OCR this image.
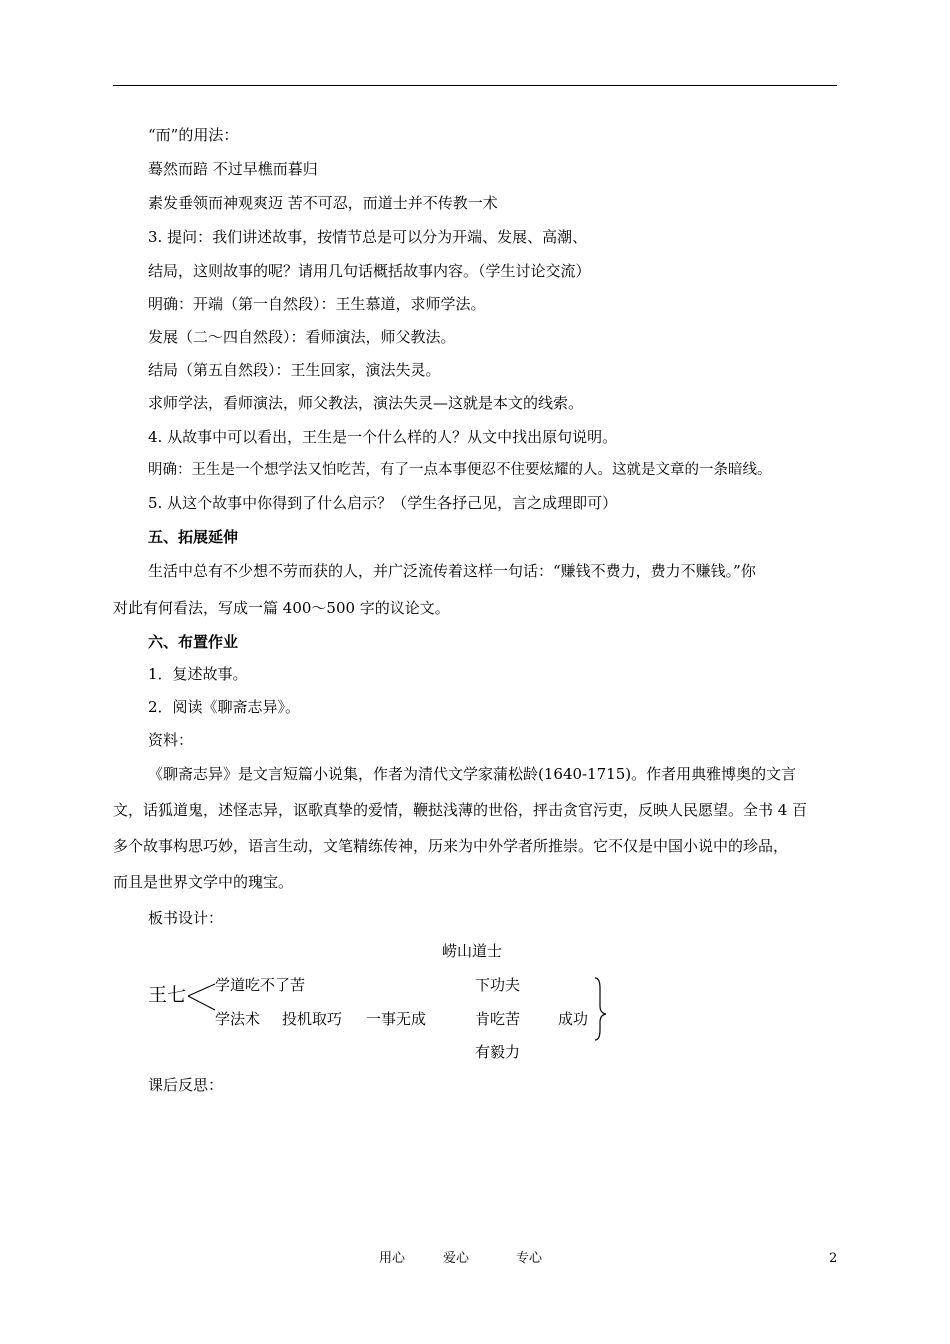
“而”的用法：
蓦然而踣 不过早樵而暮归
素发垂领而神观爽迈 苦不可忍，而道士并不传教一术
3. 提问：我们讲述故事，按情节总是可以分为开端、发展、高潮、
结局，这则故事的呢？请用几句话概括故事内容。（学生讨论交流）
明确：开端（第一自然段）：王生慕道，求师学法。
发展（二～四自然段）：看师演法，师父教法。
结局（第五自然段）：王生回家，演法失灵。
求师学法，看师演法，师父教法，演法失灵—这就是本文的线索。
4. 从故事中可以看出，王生是一个什么样的人？从文中找出原句说明。
明确：王生是一个想学法又怕吃苦，有了一点本事便忍不住要炫耀的人。这就是文章的一条暗线。
5. 从这个故事中你得到了什么启示？（学生各抒己见，言之成理即可）
五、拓展延伸
生活中总有不少想不劳而获的人，并广泛流传着这样一句话：“赚钱不费力，费力不赚钱。”你
对此有何看法，写成一篇 400～500 字的议论文。
六、布置作业
1．复述故事。
2．阅读《聊斋志异》。
资料：
《聊斋志异》是文言短篇小说集，作者为清代文学家蒲松龄(1640-1715)。作者用典雅博奥的文言
文，话狐道鬼，述怪志异，讴歌真挚的爱情，鞭挞浅薄的世俗，抨击贪官污吏，反映人民愿望。全书 4 百
多个故事构思巧妙，语言生动，文笔精练传神，历来为中外学者所推崇。它不仅是中国小说中的珍品，
而且是世界文学中的瑰宝。
板书设计：
崂山道士
王七 学道吃不了苦
学法术 投机取巧 一事无成
下功夫
肯吃苦
有毅力
成功
课后反思：
用心	爱心	专心	2
